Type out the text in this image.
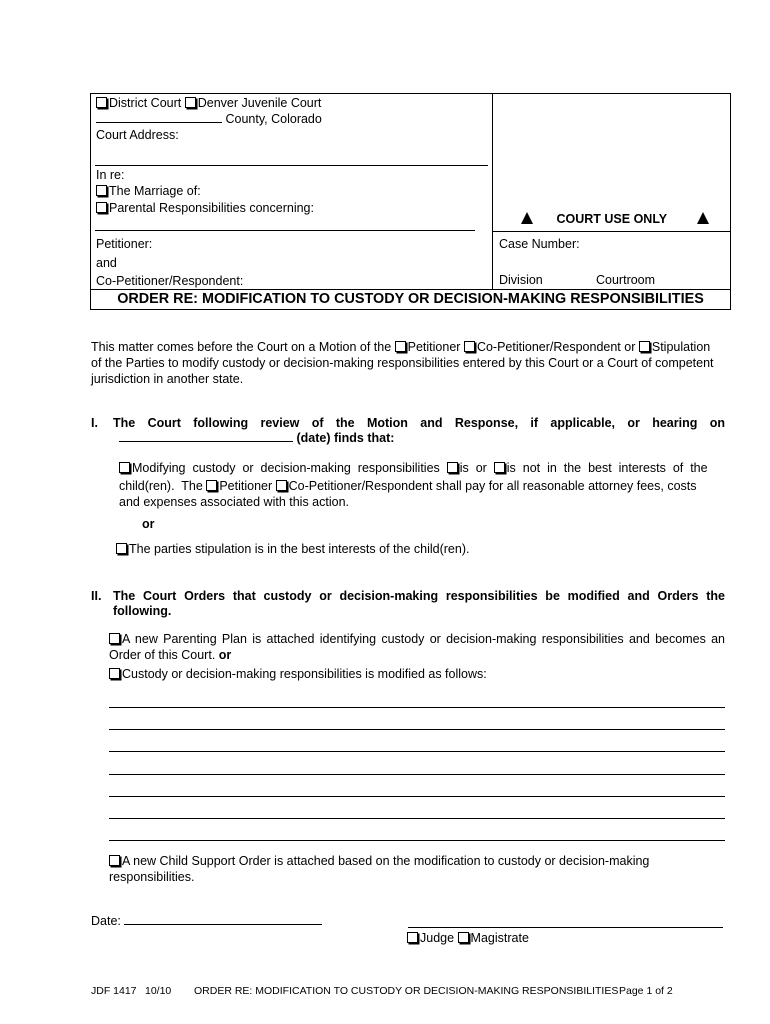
District Court Denver Juvenile Court
County, Colorado
Court Address:
In re:
The Marriage of:
Parental Responsibilities concerning:
Petitioner:
and
Co-Petitioner/Respondent:
COURT USE ONLY
Case Number:
Division	Courtroom
ORDER RE: MODIFICATION TO CUSTODY OR DECISION-MAKING RESPONSIBILITIES
This matter comes before the Court on a Motion of the Petitioner Co-Petitioner/Respondent or Stipulation
of the Parties to modify custody or decision-making responsibilities entered by this Court or a Court of competent
jurisdiction in another state.
I. The  Court  following  review  of  the  Motion  and  Response,  if  applicable,  or  hearing  on
(date) finds that:
Modifying  custody  or  decision-making  responsibilities is  or is  not  in  the  best  interests  of  the
child(ren).  The Petitioner Co-Petitioner/Respondent shall pay for all reasonable attorney fees, costs
and expenses associated with this action.
or
The parties stipulation is in the best interests of the child(ren).
II. The Court Orders that custody or decision-making responsibilities be modified and Orders the
following.
A new Parenting Plan is attached identifying custody or decision-making responsibilities and becomes an
Order of this Court. or
Custody or decision-making responsibilities is modified as follows:
A new Child Support Order is attached based on the modification to custody or decision-making
responsibilities.
Date:
Judge Magistrate
JDF 1417 10/10 ORDER RE: MODIFICATION TO CUSTODY OR DECISION-MAKING RESPONSIBILITIES Page 1 of 2
